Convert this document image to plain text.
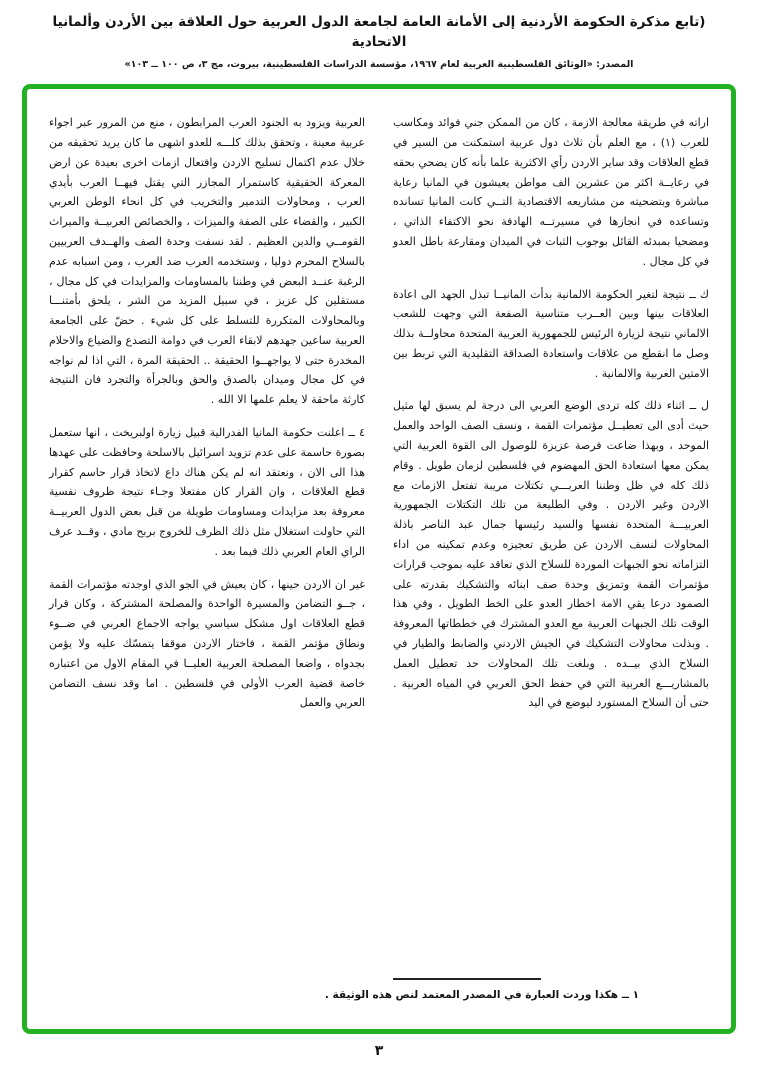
(تابع مذكرة الحكومة الأردنية إلى الأمانة العامة لجامعة الدول العربية حول العلاقة بين الأردن وألمانيا الاتحادية
المصدر: «الوثائق الفلسطينية العربية لعام ١٩٦٧، مؤسسة الدراسات الفلسطينية، بيروت، مج ٣، ص ١٠٠ ــ ١٠٣»

اراته في طريقة معالجة الازمة ، كان من الممكن جني فوائد ومكاسب للعرب (١) ، مع العلم بأن ثلاث دول عربية استمكنت من السير في قطع العلاقات وقد ساير الاردن رأي الاكثرية علما بأنه كان يضحي بحقه في رعايــة اكثر من عشرين الف مواطن يعيشون في المانيا رعاية مباشرة وبتضحيته من مشاريعه الاقتصادية التــي كانت المانيا تسانده وتساعده في انجازها في مسيرتــه الهادفة نحو الاكتفاء الذاتي ، ومضحيا بمبدئه القائل بوجوب الثبات في الميدان ومقارعة باطل العدو في كل مجال .

ك ــ نتيجة لتغير الحكومة الالمانية بدأت المانيــا تبذل الجهد الى اعادة العلاقات بينها وبين العــرب متناسية الصفعة التي وجهت للشعب الالماني نتيجة لزيارة الرئيس للجمهورية العربية المتحدة محاولــة بذلك وصل ما انقطع من علاقات واستعادة الصداقة التقليدية التي تربط بين الامتين العربية والالمانية .

ل ــ اثناء ذلك كله تردى الوضع العربي الى درجة لم يسبق لها مثيل حيث أدى الى تعطيــل مؤتمرات القمة ، ونسف الصف الواحد والعمل الموحد ، وبهذا ضاعت فرصة عزيزة للوصول الى القوة العربية التي يمكن معها استعادة الحق المهضوم في فلسطين لزمان طويل . وقام ذلك كله في ظل وطننا العربـــي تكتلات مريبة تفتعل الازمات مع الاردن وغير الاردن . وفي الطليعة من تلك التكتلات الجمهورية العربيـــة المتحدة نفسها والسيد رئيسها جمال عبد الناصر باذلة المحاولات لنسف الاردن عن طريق تعجيزه وعدم تمكينه من اداء التزاماته نحو الجبهات الموردة للسلاح الذي تعاقد عليه بموجب قرارات مؤتمرات القمة وتمزيق وحدة صف ابنائه والتشكيك بقدرته على الصمود درعا يقي الامة اخطار العدو على الخط الطويل ، وفي هذا الوقت تلك الجبهات العربية مع العدو المشترك في خططاتها المعروفة . وبذلت محاولات التشكيك في الجيش الاردني والضابط والطيار في السلاح الذي بيــده . وبلغت تلك المحاولات حد تعطيل العمل بالمشاريـــع العربية التي في حفظ الحق العربي في المياه العربية . حتى أن السلاح المستورد ليوضع في اليد

العربية ويزود به الجنود العرب المرابطون ، منع من المرور عبر اجواء عربية معينة ، وتحقق بذلك كلـــه للعدو اشهى ما كان يريد تحقيقه من خلال عدم اكتمال تسليح الاردن وافتعال ازمات اخرى بعيدة عن ارض المعركة الحقيقية كاستمرار المجازر التي يقتل فيهــا العرب بأيدي العرب ، ومحاولات التدمير والتخريب في كل انحاء الوطن العربي الكبير ، والقضاء على الصفة والميزات ، والخصائص العربيــة والميراث القومــي والدين العظيم . لقد نسفت وحدة الصف والهــدف العربيين بالسلاح المحرم دوليا ، وستخدمه العرب ضد العرب ، ومن اسبابه عدم الرغبة عنــد البعض في وطننا بالمساومات والمزايدات في كل مجال ، مستقلين كل عزيز ، في سبيل المزيد من الشر ، يلحق بأمتنـــا وبالمحاولات المتكررة للتسلط على كل شيء . حضّ على الجامعة العربية ساعين جهدهم لابقاء العرب في دوامة التصدع والضياع والاحلام المخدرة حتى لا يواجهــوا الحقيقة .. الحقيقة المرة ، التي اذا لم نواجه في كل مجال وميدان بالصدق والحق وبالجرأة والتجرد فان النتيجة كارثة ماحقة لا يعلم علمها الا الله .

٤ ــ اعلنت حكومة المانيا الفدرالية قبيل زيارة اولبريخت ، انها ستعمل بصورة حاسمة على عدم تزويد اسرائيل بالاسلحة وحافظت على عهدها هذا الى الان ، ونعتقد انه لم يكن هناك داع لاتخاذ قرار حاسم كقرار قطع العلاقات ، وان القرار كان مفتعلا وجـاء نتيجة ظروف نفسية معروفة بعد مزايدات ومساومات طويلة من قبل بعض الدول العربيــة التي حاولت استغلال مثل ذلك الظرف للخروج بربح مادي ، وقــد عرف الراي العام العربي ذلك فيما بعد .

غير ان الاردن حينها ، كان يعيش في الجو الذي اوجدته مؤتمرات القمة ، جــو التضامن والمسيرة الواحدة والمصلحة المشتركة ، وكان قرار قطع العلاقات اول مشكل سياسي يواجه الاجماع العربي في ضــوء ونطاق مؤتمر القمة ، فاختار الاردن موقفا يتمسّك عليه ولا يؤمن بجدواه ، واضعا المصلحة العربية العليــا في المقام الاول من اعتباره خاصة قضية العرب الأولى في فلسطين . اما وقد نسف التضامن العربي والعمل

١ ــ هكذا وردت العبارة في المصدر المعتمد لنص هذه الوثيقة .
٣
